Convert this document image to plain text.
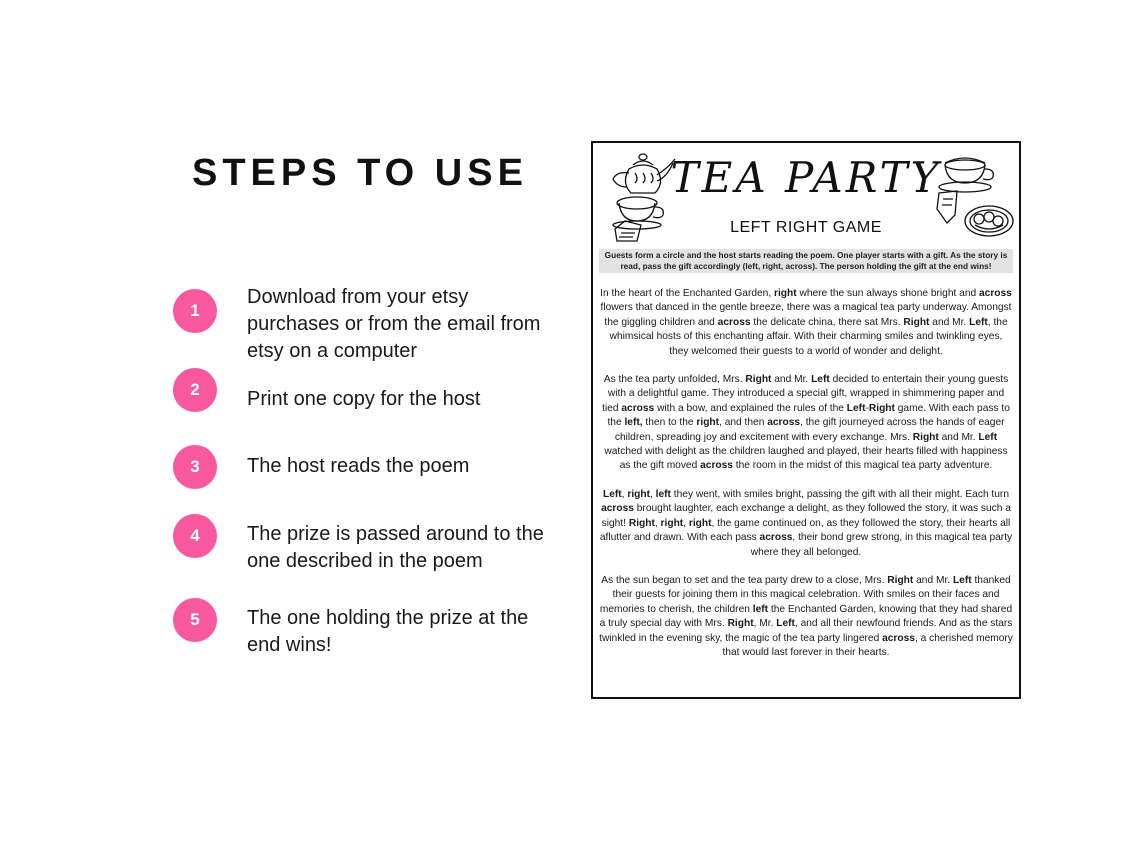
STEPS TO USE
1
Download from your etsy purchases or from the email from etsy on a computer
2	Print one copy for the host
3	The host reads the poem
4	The prize is passed around to the one described in the poem
5	The one holding the prize at the end wins!
TEA PARTY
LEFT RIGHT GAME
Guests form a circle and the host starts reading the poem. One player starts with a gift. As the story is read, pass the gift accordingly (left, right, across). The person holding the gift at the end wins!

In the heart of the Enchanted Garden, right where the sun always shone bright and across flowers that danced in the gentle breeze, there was a magical tea party underway. Amongst the giggling children and across the delicate china, there sat Mrs. Right and Mr. Left, the whimsical hosts of this enchanting affair. With their charming smiles and twinkling eyes, they welcomed their guests to a world of wonder and delight.

As the tea party unfolded, Mrs. Right and Mr. Left decided to entertain their young guests with a delightful game. They introduced a special gift, wrapped in shimmering paper and tied across with a bow, and explained the rules of the Left-Right game. With each pass to the left, then to the right, and then across, the gift journeyed across the hands of eager children, spreading joy and excitement with every exchange. Mrs. Right and Mr. Left watched with delight as the children laughed and played, their hearts filled with happiness as the gift moved across the room in the midst of this magical tea party adventure.

Left, right, left they went, with smiles bright, passing the gift with all their might. Each turn across brought laughter, each exchange a delight, as they followed the story, it was such a sight! Right, right, right, the game continued on, as they followed the story, their hearts all aflutter and drawn. With each pass across, their bond grew strong, in this magical tea party where they all belonged.

As the sun began to set and the tea party drew to a close, Mrs. Right and Mr. Left thanked their guests for joining them in this magical celebration. With smiles on their faces and memories to cherish, the children left the Enchanted Garden, knowing that they had shared a truly special day with Mrs. Right, Mr. Left, and all their newfound friends. And as the stars twinkled in the evening sky, the magic of the tea party lingered across, a cherished memory that would last forever in their hearts.
